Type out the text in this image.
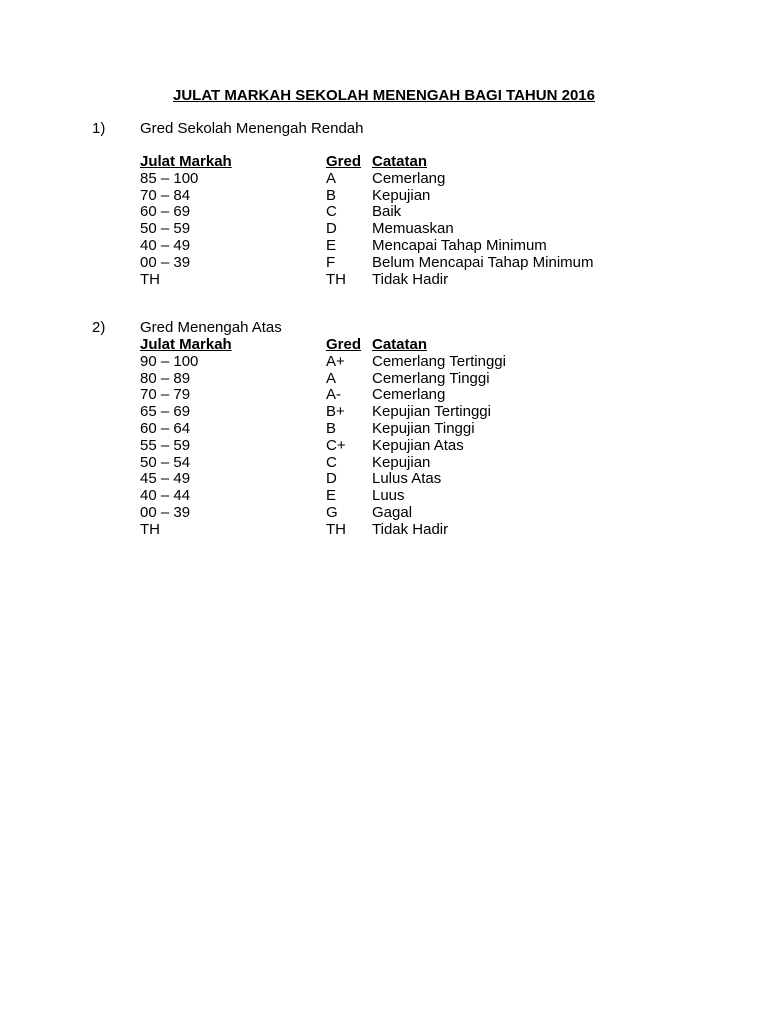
JULAT MARKAH SEKOLAH MENENGAH BAGI TAHUN 2016
1) Gred Sekolah Menengah Rendah
Julat Markah	Gred Catatan
85 – 100	A Cemerlang
70 – 84	B Kepujian
60 – 69	C Baik
50 – 59	D Memuaskan
40 – 49	E Mencapai Tahap Minimum
00 – 39	F Belum Mencapai Tahap Minimum
TH	TH Tidak Hadir
2) Gred Menengah Atas
Julat Markah	Gred Catatan
90 – 100	A+ Cemerlang Tertinggi
80 – 89	A Cemerlang Tinggi
70 – 79	A- Cemerlang
65 – 69	B+ Kepujian Tertinggi
60 – 64	B Kepujian Tinggi
55 – 59	C+ Kepujian Atas
50 – 54	C Kepujian
45 – 49	D Lulus Atas
40 – 44	E Luus
00 – 39	G Gagal
TH	TH Tidak Hadir
